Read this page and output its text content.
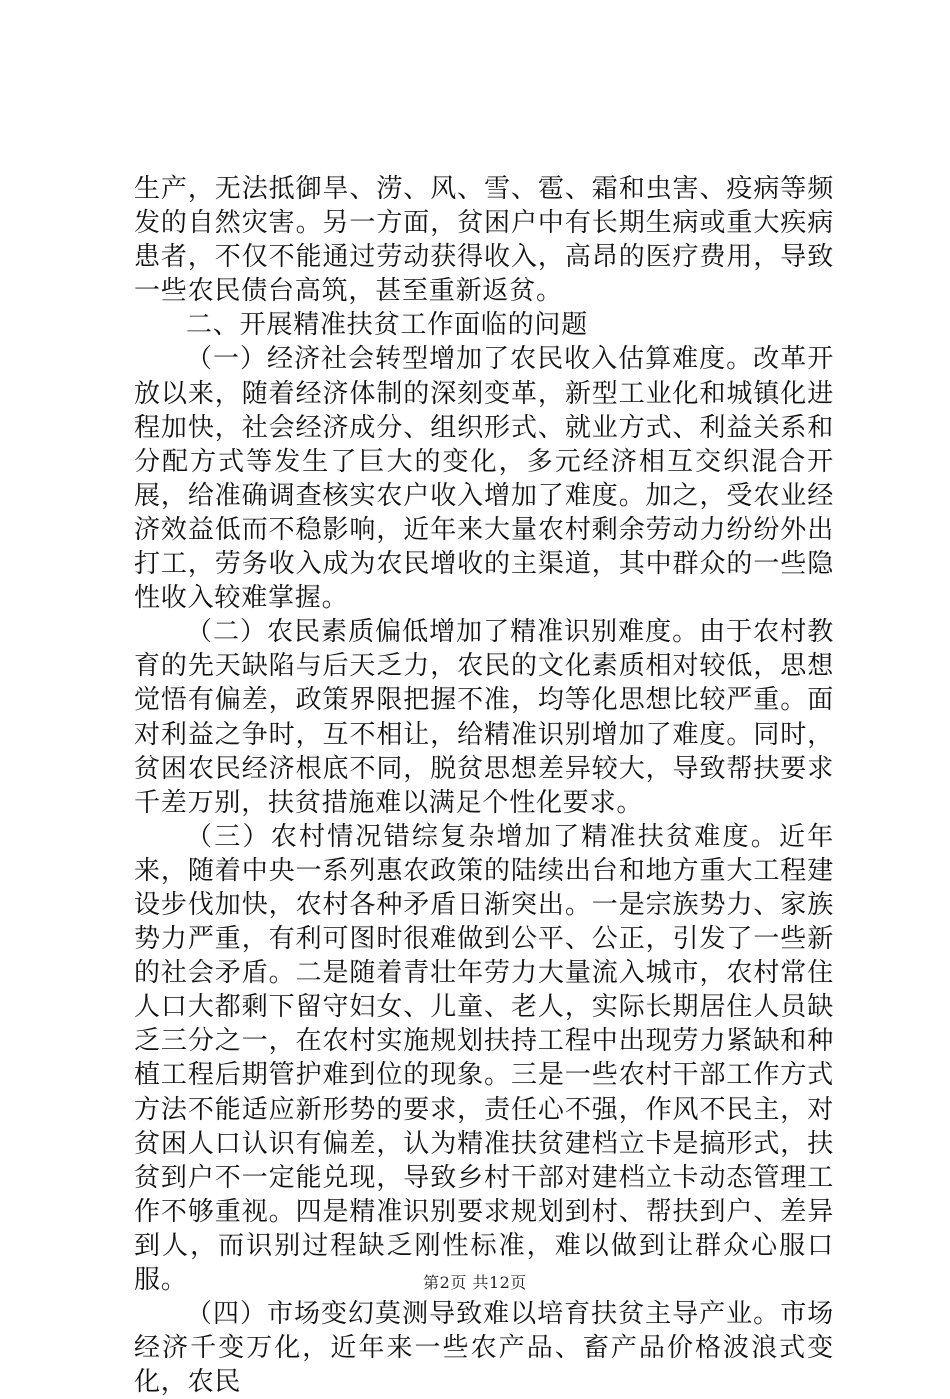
生产，无法抵御旱、涝、风、雪、雹、霜和虫害、疫病等频发的自然灾害。另一方面，贫困户中有长期生病或重大疾病患者，不仅不能通过劳动获得收入，高昂的医疗费用，导致一些农民债台高筑，甚至重新返贫。

二、开展精准扶贫工作面临的问题

（一）经济社会转型增加了农民收入估算难度。改革开放以来，随着经济体制的深刻变革，新型工业化和城镇化进程加快，社会经济成分、组织形式、就业方式、利益关系和分配方式等发生了巨大的变化，多元经济相互交织混合开展，给准确调查核实农户收入增加了难度。加之，受农业经济效益低而不稳影响，近年来大量农村剩余劳动力纷纷外出打工，劳务收入成为农民增收的主渠道，其中群众的一些隐性收入较难掌握。

（二）农民素质偏低增加了精准识别难度。由于农村教育的先天缺陷与后天乏力，农民的文化素质相对较低，思想觉悟有偏差，政策界限把握不准，均等化思想比较严重。面对利益之争时，互不相让，给精准识别增加了难度。同时，贫困农民经济根底不同，脱贫思想差异较大，导致帮扶要求千差万别，扶贫措施难以满足个性化要求。

（三）农村情况错综复杂增加了精准扶贫难度。近年来，随着中央一系列惠农政策的陆续出台和地方重大工程建设步伐加快，农村各种矛盾日渐突出。一是宗族势力、家族势力严重，有利可图时很难做到公平、公正，引发了一些新的社会矛盾。二是随着青壮年劳力大量流入城市，农村常住人口大都剩下留守妇女、儿童、老人，实际长期居住人员缺乏三分之一，在农村实施规划扶持工程中出现劳力紧缺和种植工程后期管护难到位的现象。三是一些农村干部工作方式方法不能适应新形势的要求，责任心不强，作风不民主，对贫困人口认识有偏差，认为精准扶贫建档立卡是搞形式，扶贫到户不一定能兑现，导致乡村干部对建档立卡动态管理工作不够重视。四是精准识别要求规划到村、帮扶到户、差异到人，而识别过程缺乏刚性标准，难以做到让群众心服口服。

（四）市场变幻莫测导致难以培育扶贫主导产业。市场经济千变万化，近年来一些农产品、畜产品价格波浪式变化，农民

第2页 共12页
